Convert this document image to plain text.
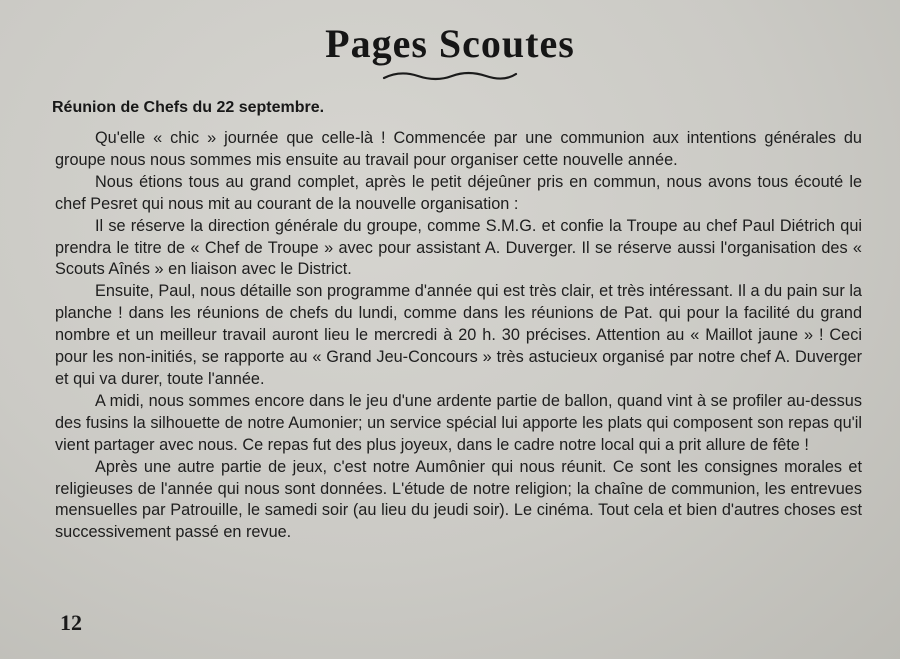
Pages Scoutes
Réunion de Chefs du 22 septembre.

Qu'elle « chic » journée que celle-là ! Commencée par une communion aux intentions générales du groupe nous nous sommes mis ensuite au travail pour organiser cette nouvelle année.

Nous étions tous au grand complet, après le petit déjeûner pris en commun, nous avons tous écouté le chef Pesret qui nous mit au courant de la nouvelle organisation :

Il se réserve la direction générale du groupe, comme S.M.G. et confie la Troupe au chef Paul Diétrich qui prendra le titre de « Chef de Troupe » avec pour assistant A. Duverger. Il se réserve aussi l'organisation des « Scouts Aînés » en liaison avec le District.

Ensuite, Paul, nous détaille son programme d'année qui est très clair, et très intéressant. Il a du pain sur la planche ! dans les réunions de chefs du lundi, comme dans les réunions de Pat. qui pour la facilité du grand nombre et un meilleur travail auront lieu le mercredi à 20 h. 30 précises. Attention au « Maillot jaune » ! Ceci pour les non-initiés, se rapporte au « Grand Jeu-Concours » très astucieux organisé par notre chef A. Duverger et qui va durer, toute l'année.

A midi, nous sommes encore dans le jeu d'une ardente partie de ballon, quand vint à se profiler au-dessus des fusins la silhouette de notre Aumonier; un service spécial lui apporte les plats qui composent son repas qu'il vient partager avec nous. Ce repas fut des plus joyeux, dans le cadre notre local qui a prit allure de fête !

Après une autre partie de jeux, c'est notre Aumônier qui nous réunit. Ce sont les consignes morales et religieuses de l'année qui nous sont données. L'étude de notre religion; la chaîne de communion, les entrevues mensuelles par Patrouille, le samedi soir (au lieu du jeudi soir). Le cinéma. Tout cela et bien d'autres choses est successivement passé en revue.

12
